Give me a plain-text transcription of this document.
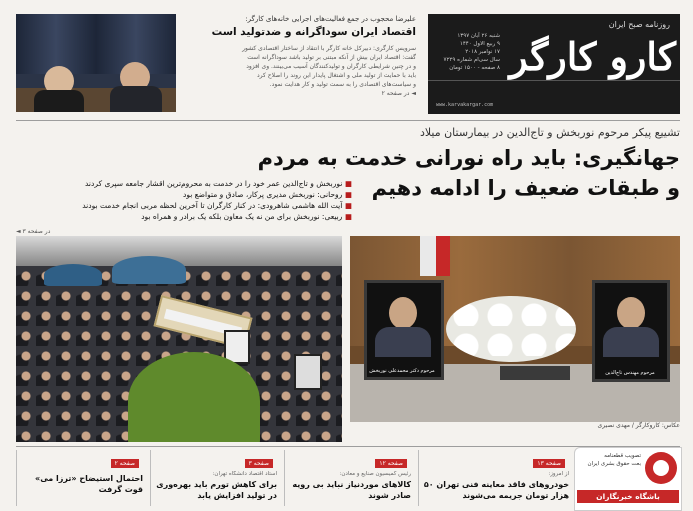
علیرضا محجوب در جمع فعالیت‌های اجرایی خانه‌های کارگر:
اقتصاد ایران سوداگرانه و ضدتولید است
سرویس کارگری: دبیرکل خانه کارگر با انتقاد از ساختار اقتصادی کشور
گفت: اقتصاد ایران بیش از آنکه مبتنی بر تولید باشد سوداگرانه است
و در چنین شرایطی کارگران و تولیدکنندگان آسیب می‌بینند. وی افزود
باید با حمایت از تولید ملی و اشتغال پایدار این روند را اصلاح کرد
و سیاست‌های اقتصادی را به سمت تولید و کار هدایت نمود.
◄ در صفحه ۲
روزنامه صبح ایران
کارو کارگر
شنبه ۲۶ آبان ۱۳۹۷
۹ ربیع الاول ۱۴۴۰
۱۷ نوامبر ۲۰۱۸
سال سی‌ام شماره ۷۲۲۹
۸ صفحه - ۱۵۰۰ تومان
www.karvakargar.com
تشییع پیکر مرحوم نوربخش و تاج‌الدین در بیمارستان میلاد
جهانگیری: باید راه نورانی خدمت به مردم
و طبقات ضعیف را ادامه دهیم
■ نوربخش و تاج‌الدین عمر خود را در خدمت به محروم‌ترین اقشار جامعه سپری کردند
■ روحانی: نوربخش مدیری پرکار، صادق و متواضع بود
■ آیت الله هاشمی شاهرودی: در کنار کارگران تا آخرین لحظه مربی انجام خدمت بودند
■ ربیعی: نوربخش برای من نه یک معاون بلکه یک برادر و همراه بود
◄ در صفحه ۳
مرحوم دکتر محمدعلی نوربخش	مرحوم مهندس تاج‌الدین
عکاس: کاروکارگر / مهدی نصیری
صفحه ۲
احتمال استیضاح «ترزا می» قوت گرفت
صفحه ۳
استاد اقتصاد دانشگاه تهران:
برای کاهش تورم باید بهره‌وری در تولید افزایش یابد
صفحه ۱۲
رئیس کمیسیون صنایع و معادن:
کالاهای موردنیاز نباید بی رویه صادر شوند
صفحه ۱۳
از امروز:
خودروهای فاقد معاینه فنی تهران ۵۰ هزار تومان جریمه می‌شوند
تصویب قطعنامه
بعت حقوق بشری ایران
باشگاه خبرنگاران
